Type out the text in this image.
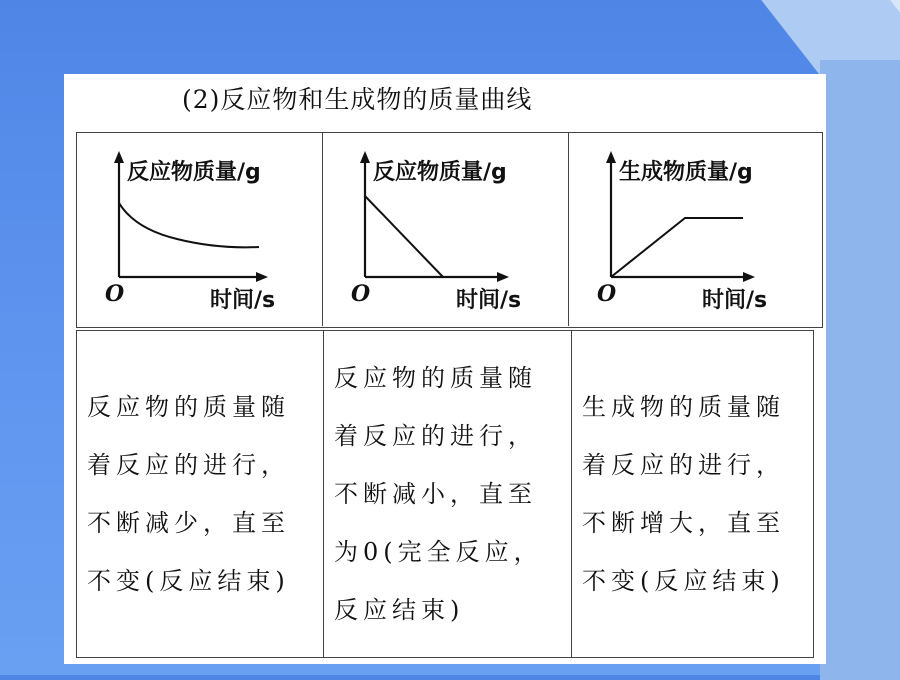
(2)反应物和生成物的质量曲线
反应物质量/g
O	时间/s
反应物质量/g
O	时间/s
生成物质量/g
O	时间/s
反应物的质量随着反应的进行，不断减少，直至不变(反应结束)
反应物的质量随着反应的进行，不断减小，直至为0(完全反应，反应结束)
生成物的质量随着反应的进行，不断增大，直至不变(反应结束)
